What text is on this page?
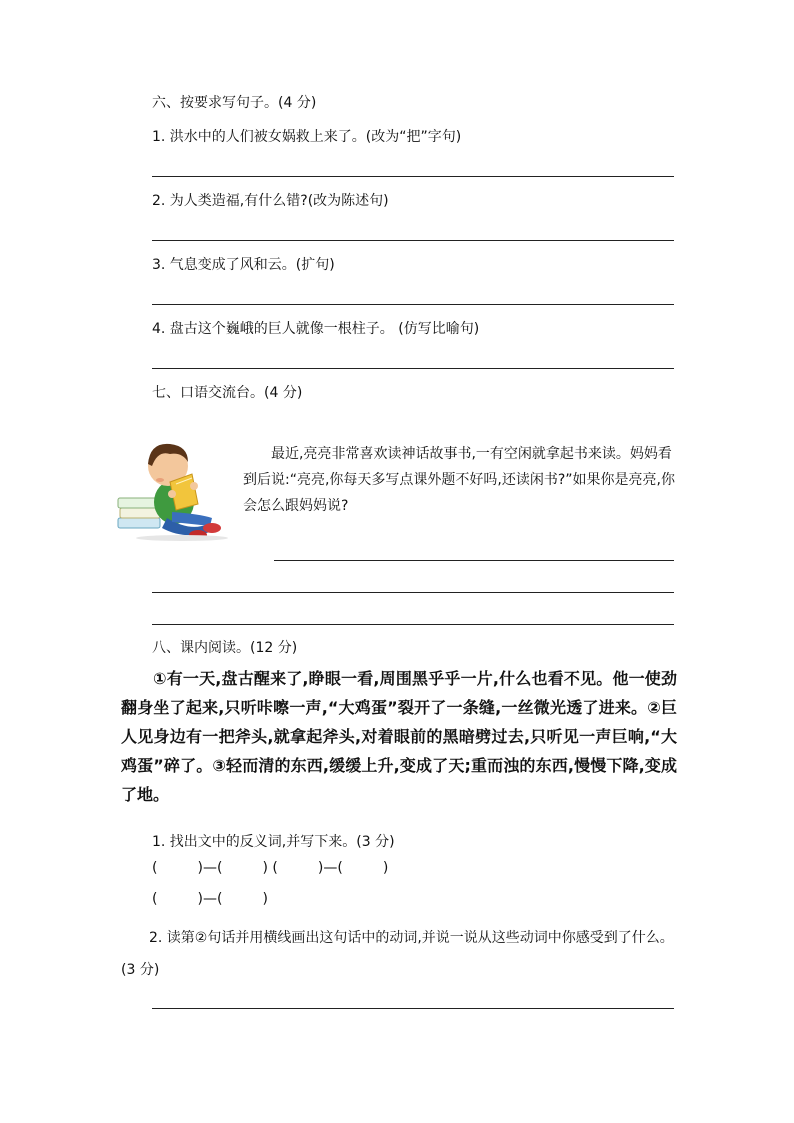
六、按要求写句子。(4 分)
1. 洪水中的人们被女娲救上来了。(改为“把”字句)
2. 为人类造福,有什么错?(改为陈述句)
3. 气息变成了风和云。(扩句)
4. 盘古这个巍峨的巨人就像一根柱子。 (仿写比喻句)
七、口语交流台。(4 分)
最近,亮亮非常喜欢读神话故事书,一有空闲就拿起书来读。妈妈看到后说:“亮亮,你每天多写点课外题不好吗,还读闲书?”如果你是亮亮,你会怎么跟妈妈说?
八、课内阅读。(12 分)
①有一天,盘古醒来了,睁眼一看,周围黑乎乎一片,什么也看不见。他一使劲翻身坐了起来,只听咔嚓一声,“大鸡蛋”裂开了一条缝,一丝微光透了进来。②巨人见身边有一把斧头,就拿起斧头,对着眼前的黑暗劈过去,只听见一声巨响,“大鸡蛋”碎了。③轻而清的东西,缓缓上升,变成了天;重而浊的东西,慢慢下降,变成了地。
1. 找出文中的反义词,并写下来。(3 分)
(         )—(         ) (         )—(         )
(         )—(         )
2. 读第②句话并用横线画出这句话中的动词,并说一说从这些动词中你感受到了什么。(3 分)
